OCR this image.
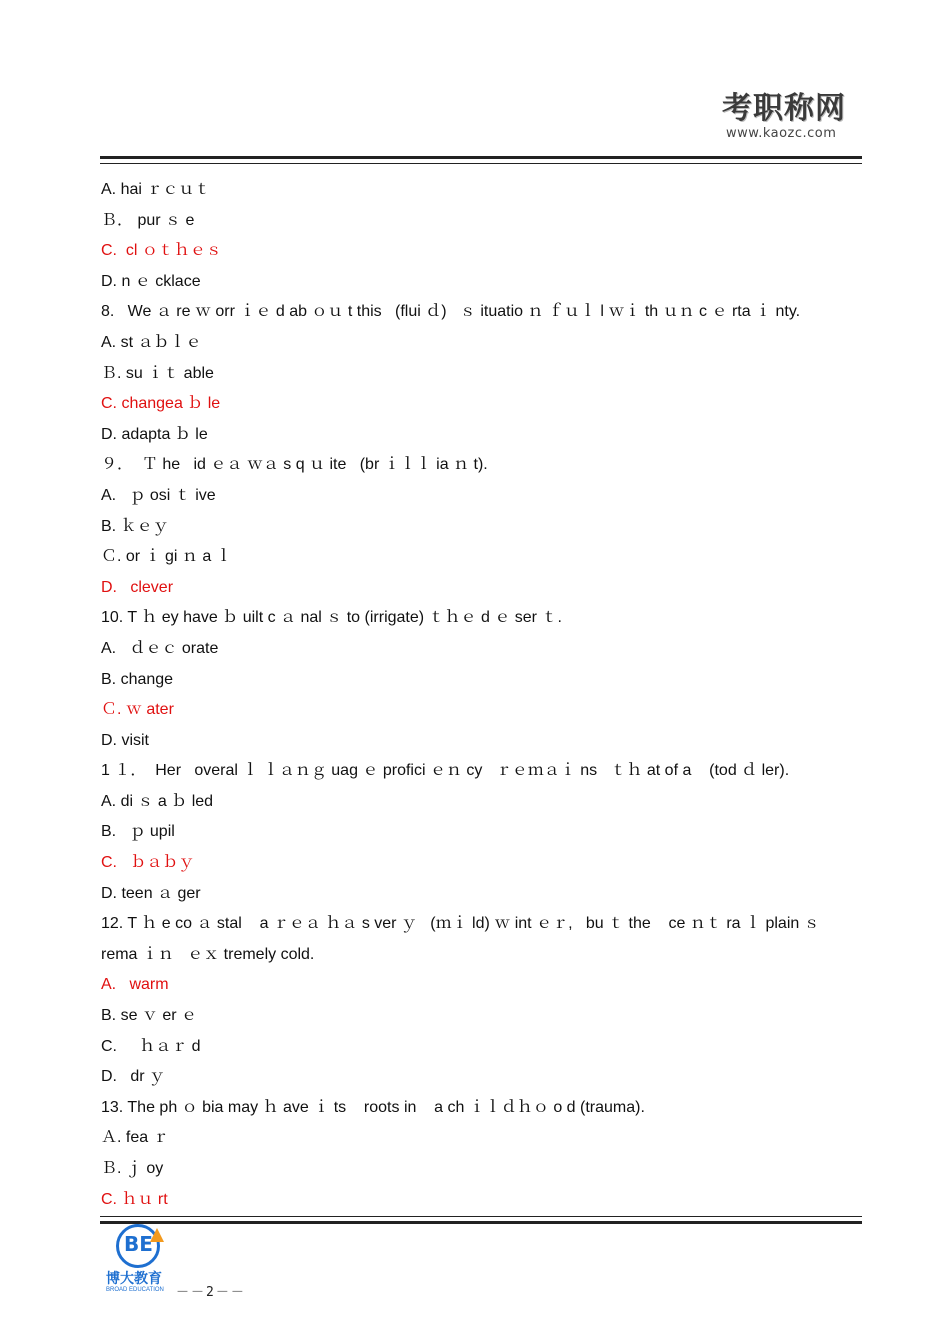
考职称网
www.kaozc.com
A. hai ｒｃｕｔ
Ｂ． pur ｓ e
C.  cl ｏｔｈｅｓ
D. n ｅ cklace
8.   We ａ re ｗ orr ｉｅ d ab ｏｕ t this   (flui ｄ)   ｓ ituatio ｎ ｆｕｌ l ｗｉ th ｕｎ c ｅ rta ｉ nty.
A. st ａｂｌｅ
Ｂ. su ｉｔ able
C. changea ｂ le
D. adapta ｂ le
９．  Ｔ he   id ｅａ ｗａ s q ｕ ite   (br ｉｌｌ ia ｎ t).
A.   ｐ osi ｔ ive
B. ｋｅｙ
Ｃ. or ｉ gi ｎ a ｌ
D.   clever
10. T ｈ ey have ｂ uilt c ａ nal ｓ to (irrigate) ｔｈｅ d ｅ ser ｔ.
A.   ｄｅｃ orate
B. change
Ｃ. ｗ ater
D. visit
1 １．  Her   overal ｌ ｌａｎｇ uag ｅ profici ｅｎ cy   ｒｅｍａｉ ns   ｔｈ at of a    (tod ｄ ler).
A. di ｓ a ｂ led
B.   ｐ upil
C.   ｂａｂｙ
D. teen ａ ger
12. T ｈ e co ａ stal    a ｒｅａ ｈａ s ver ｙ   (ｍｉ ld) ｗ int ｅｒ,   bu ｔ the    ce ｎｔ ra ｌ plain ｓ
rema ｉｎ   ｅｘ tremely cold.
A.   warm
B. se ｖ er ｅ
C.     ｈａｒ d
D.   dr ｙ
13. The ph ｏ bia may ｈ ave ｉ ts    roots in    a ch ｉｌｄｈｏ o d (trauma).
Ａ. fea ｒ
Ｂ. ｊ oy
C. ｈｕ rt
BE
博大教育
BROAD EDUCATION －－2－－
